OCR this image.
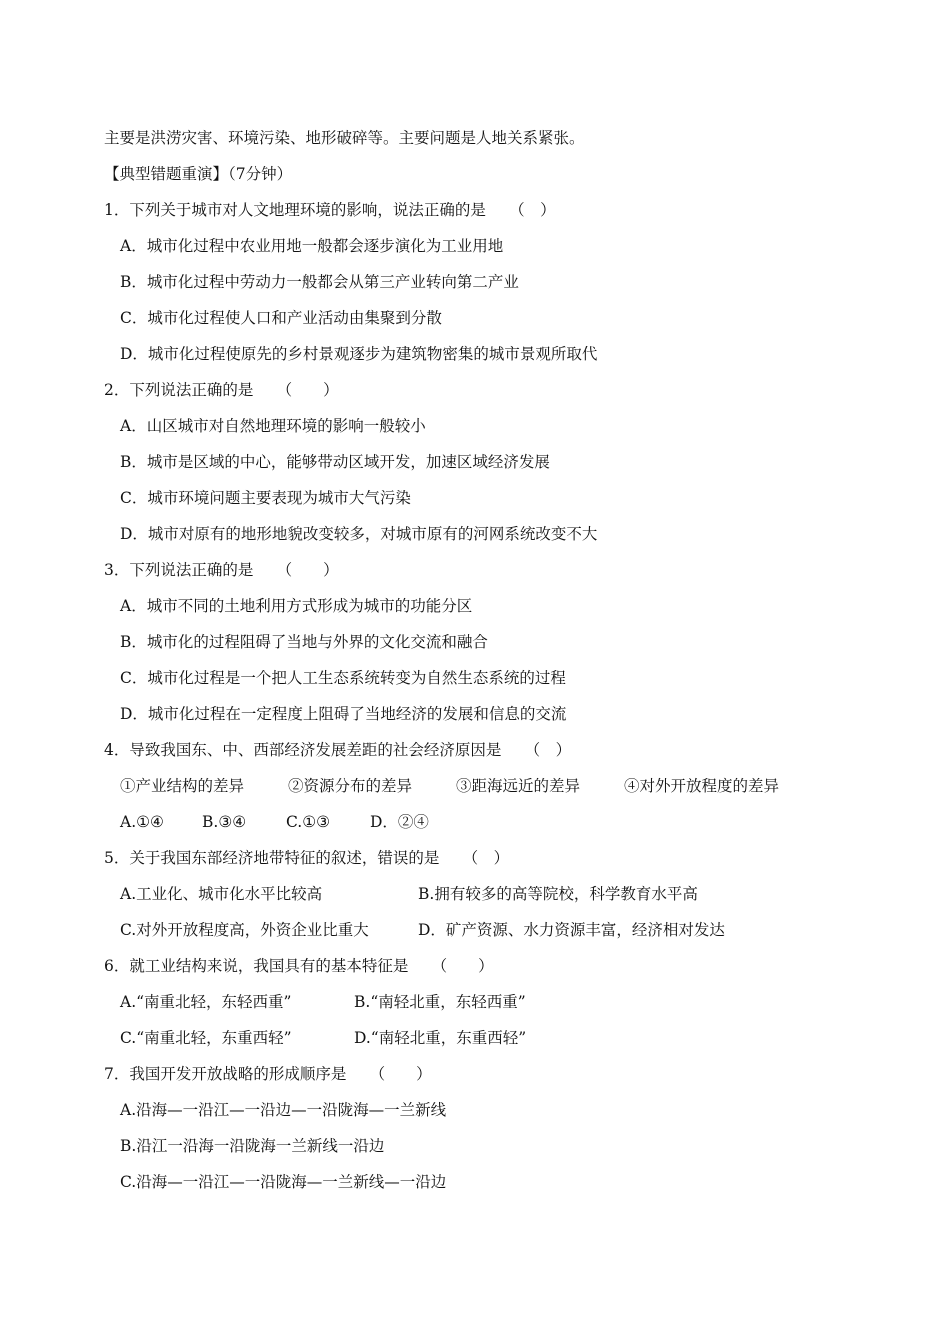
主要是洪涝灾害、环境污染、地形破碎等。主要问题是人地关系紧张。
【典型错题重演】（7分钟）
1．下列关于城市对人文地理环境的影响，说法正确的是　　（　）
A．城市化过程中农业用地一般都会逐步演化为工业用地
B．城市化过程中劳动力一般都会从第三产业转向第二产业
C．城市化过程使人口和产业活动由集聚到分散
D．城市化过程使原先的乡村景观逐步为建筑物密集的城市景观所取代
2．下列说法正确的是　　（　　）
A．山区城市对自然地理环境的影响一般较小
B．城市是区域的中心，能够带动区域开发，加速区域经济发展
C．城市环境问题主要表现为城市大气污染
D．城市对原有的地形地貌改变较多，对城市原有的河网系统改变不大
3．下列说法正确的是　　（　　）
A．城市不同的土地利用方式形成为城市的功能分区
B．城市化的过程阻碍了当地与外界的文化交流和融合
C．城市化过程是一个把人工生态系统转变为自然生态系统的过程
D．城市化过程在一定程度上阻碍了当地经济的发展和信息的交流
4．导致我国东、中、西部经济发展差距的社会经济原因是　　（　）
①产业结构的差异	②资源分布的差异	③距海远近的差异	④对外开放程度的差异
A.①④ B.③④	C.①③	D．②④
5．关于我国东部经济地带特征的叙述，错误的是　　（　）
A.工业化、城市化水平比较高	B.拥有较多的高等院校，科学教育水平高
C.对外开放程度高，外资企业比重大	D．矿产资源、水力资源丰富，经济相对发达
6．就工业结构来说，我国具有的基本特征是　　（　　）
A.“南重北轻，东轻西重”	B.“南轻北重，东轻西重”
C.“南重北轻，东重西轻”	D.“南轻北重，东重西轻”
7．我国开发开放战略的形成顺序是　　（　　）
A.沿海—一沿江—一沿边—一沿陇海—一兰新线
B.沿江一沿海一沿陇海一兰新线一沿边
C.沿海—一沿江—一沿陇海—一兰新线—一沿边
